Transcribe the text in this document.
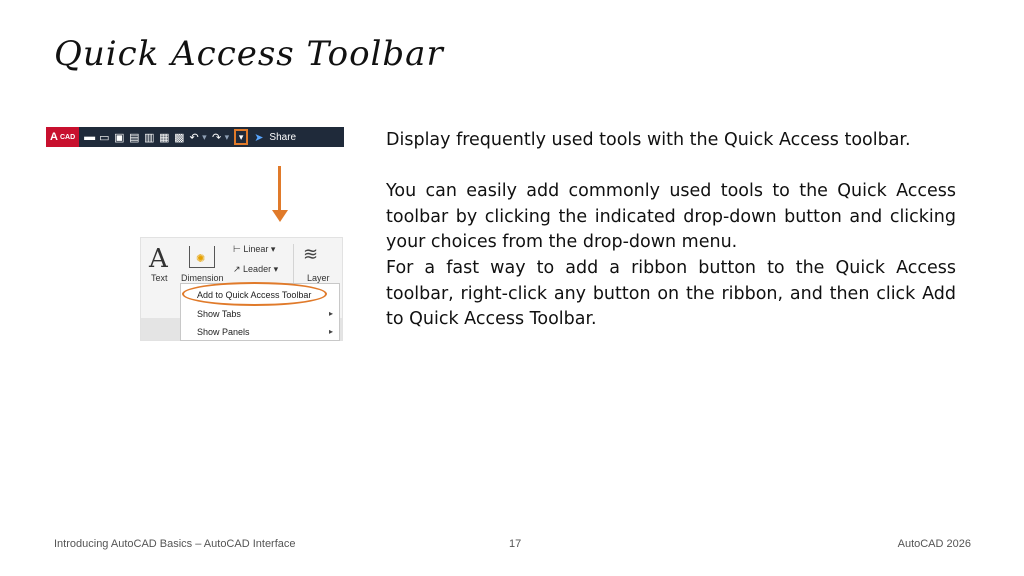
Quick Access Toolbar
A CAD ▬ ▭ ▣ ▤ ▥ ▦ ▩ ↶ ▾ ↷ ▾ ▾ ➤ Share
A
Text
✺
Dimension
⊢ Linear ▾
↗ Leader ▾
≋
Layer
Add to Quick Access Toolbar
Show Tabs	▸
Show Panels	▸

Display frequently used tools with the Quick Access toolbar.

You can easily add commonly used tools to the Quick Access toolbar by clicking the indicated drop-down button and clicking your choices from the drop-down menu.

For a fast way to add a ribbon button to the Quick Access toolbar, right-click any button on the ribbon, and then click Add to Quick Access Toolbar.

Introducing AutoCAD Basics – AutoCAD Interface	17	AutoCAD 2026
